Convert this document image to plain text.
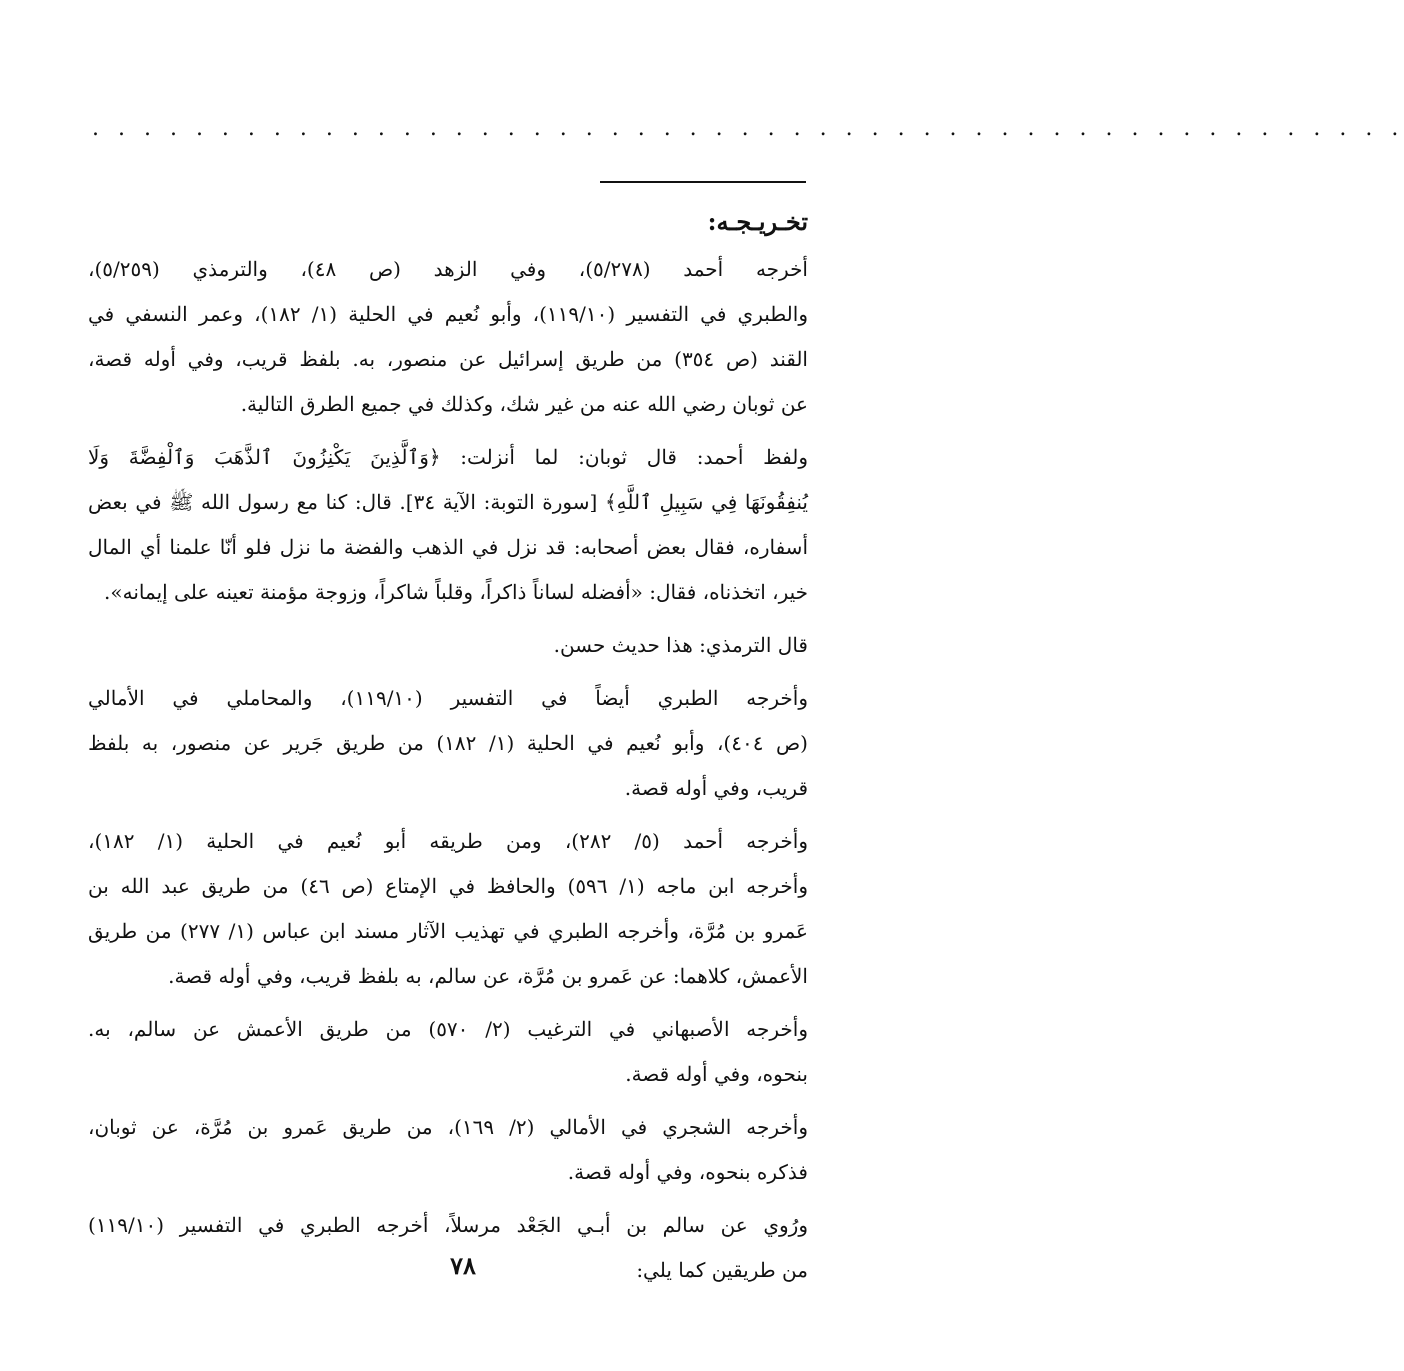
. . . . . . . . . . . . . . . . . . . . . . . . . . . . . . . . . . . . . . . . . . . . . . . . . . .
تخـريـجـه:
أخرجه أحمد (٥/٢٧٨)، وفي الزهد (ص ٤٨)، والترمذي (٥/٢٥٩)،
والطبري في التفسير (١١٩/١٠)، وأبو نُعيم في الحلية (١/ ١٨٢)، وعمر النسفي في
القند (ص ٣٥٤) من طريق إسرائيل عن منصور، به. بلفظ قريب، وفي أوله قصة،
عن ثوبان رضي الله عنه من غير شك، وكذلك في جميع الطرق التالية.
ولفظ أحمد: قال ثوبان: لما أنزلت: ﴿وَٱلَّذِينَ يَكْنِزُونَ ٱلذَّهَبَ وَٱلْفِضَّةَ وَلَا
يُنفِقُونَهَا فِي سَبِيلِ ٱللَّهِ﴾ [سورة التوبة: الآية ٣٤]. قال: كنا مع رسول الله ﷺ في بعض
أسفاره، فقال بعض أصحابه: قد نزل في الذهب والفضة ما نزل فلو أنّا علمنا أي المال
خير، اتخذناه، فقال: «أفضله لساناً ذاكراً، وقلباً شاكراً، وزوجة مؤمنة تعينه على إيمانه».
قال الترمذي: هذا حديث حسن.
وأخرجه الطبري أيضاً في التفسير (١١٩/١٠)، والمحاملي في الأمالي
(ص ٤٠٤)، وأبو نُعيم في الحلية (١/ ١٨٢) من طريق جَرير عن منصور، به بلفظ
قريب، وفي أوله قصة.
وأخرجه أحمد (٥/ ٢٨٢)، ومن طريقه أبو نُعيم في الحلية (١/ ١٨٢)،
وأخرجه ابن ماجه (١/ ٥٩٦) والحافظ في الإمتاع (ص ٤٦) من طريق عبد الله بن
عَمرو بن مُرَّة، وأخرجه الطبري في تهذيب الآثار مسند ابن عباس (١/ ٢٧٧) من طريق
الأعمش، كلاهما: عن عَمرو بن مُرَّة، عن سالم، به بلفظ قريب، وفي أوله قصة.
وأخرجه الأصبهاني في الترغيب (٢/ ٥٧٠) من طريق الأعمش عن سالم، به.
بنحوه، وفي أوله قصة.
وأخرجه الشجري في الأمالي (٢/ ١٦٩)، من طريق عَمرو بن مُرَّة، عن ثوبان،
فذكره بنحوه، وفي أوله قصة.
ورُوي عن سالم بن أبـي الجَعْد مرسلاً، أخرجه الطبري في التفسير (١١٩/١٠)
من طريقين كما يلي:
٧٨
